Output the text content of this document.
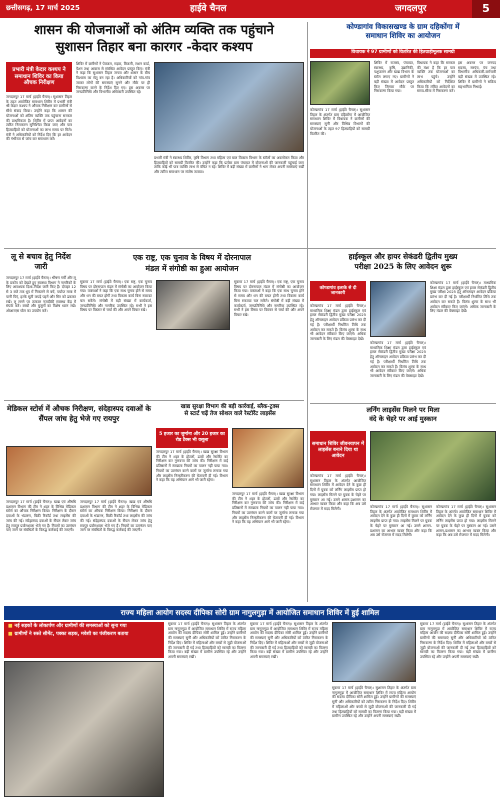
छत्तीसगढ़, 17 मार्च 2025	हाईवे चैनल	जगदलपुर	5
शासन की योजनाओं को अंतिम व्यक्ति तक पहुंचाने
सुशासन तिहार बना कारगर -केदार कश्यप
प्रभारी मंत्री केदार कश्यप ने समाधान शिविर का किया औचक निरीक्षण
जगदलपुर 17 मार्च (हाईवे चैनल)। सुशासन तिहार के तहत आयोजित समाधान शिविर में प्रभारी मंत्री श्री केदार कश्यप ने औचक निरीक्षण कर ग्रामीणों से सीधे संवाद किया। उन्होंने कहा कि शासन की योजनाओं को अंतिम व्यक्ति तक पहुंचाना सरकार की प्राथमिकता है। शिविर में प्राप्त आवेदनों का त्वरित निराकरण सुनिश्चित किया जाए और पात्र हितग्राहियों को योजनाओं का लाभ समय पर मिले। मंत्री ने अधिकारियों को निर्देश दिए कि हर आवेदन की गंभीरता से जांच कर समाधान करें।
शिविर में ग्रामीणों ने पेयजल, सड़क, बिजली, राशन कार्ड, पेंशन तथा आवास से संबंधित आवेदन प्रस्तुत किए। मंत्री ने कहा कि सुशासन तिहार जनता और शासन के बीच विश्वास का सेतु बन रहा है। अधिकारियों को गांव-गांव जाकर लोगों की समस्याएं सुनने और मौके पर ही निराकरण करने के निर्देश दिए गए। इस अवसर पर जनप्रतिनिधि और विभागीय अधिकारी उपस्थित रहे।
प्रभारी मंत्री ने स्वास्थ्य शिविर, कृषि विभाग तथा महिला एवं बाल विकास विभाग के स्टॉलों का अवलोकन किया और हितग्राहियों को सामग्री वितरित की। उन्होंने कहा कि प्रत्येक ग्राम पंचायत में योजनाओं की जानकारी पहुंचाई जाए ताकि कोई भी पात्र व्यक्ति लाभ से वंचित न रहे। शिविर में बड़ी संख्या में ग्रामीणों ने भाग लेकर अपनी समस्याएं रखीं और त्वरित समाधान पर संतोष जताया।
कोण्डागांव विकासखण्ड के ग्राम दहिकोंगा में
समाधान शिविर का आयोजन
विधायक ने 97 ग्रामीणों को वितरित की हितग्राहीमूलक सामग्री
कोण्डागांव 17 मार्च (हाईवे चैनल)। सुशासन तिहार के अंतर्गत ग्राम दहिकोंगा में आयोजित समाधान शिविर में विधायक ने ग्रामीणों की समस्याएं सुनीं और विभिन्न विभागों की योजनाओं के तहत 97 हितग्राहियों को सामग्री वितरित की।
शिविर में राजस्व, पंचायत, स्वास्थ्य, कृषि, उद्यानिकी, पशुपालन और खाद्य विभाग के स्टॉल लगाए गए। ग्रामीणों ने बड़ी संख्या में आवेदन प्रस्तुत किए जिनका मौके पर निराकरण किया गया।
विधायक ने कहा कि सरकार की मंशा है कि हर पात्र व्यक्ति तक योजनाओं का लाभ पहुंचे। उन्होंने अधिकारियों को निर्देशित किया कि लंबित आवेदनों का समय-सीमा में निराकरण करें।
इस अवसर पर जनपद सदस्य, सरपंच, पंच तथा विभागीय अधिकारी-कर्मचारी बड़ी संख्या में उपस्थित रहे। शिविर में ग्रामीणों ने सक्रिय सहभागिता निभाई।
लू से बचाव हेतु निर्देश जारी
जगदलपुर 17 मार्च (हाईवे चैनल)। भीषण गर्मी और लू के प्रकोप को देखते हुए स्वास्थ्य विभाग ने नागरिकों के लिए आवश्यक दिशा-निर्देश जारी किए हैं। दोपहर 12 से 3 बजे तक धूप में निकलने से बचें, पर्याप्त मात्रा में पानी पिएं, हल्के सूती कपड़े पहनें और सिर को ढककर रखें। लू लगने पर तत्काल नजदीकी स्वास्थ्य केंद्र में संपर्क करें। बच्चों और बुजुर्गों का विशेष ध्यान रखें। ओआरएस घोल का उपयोग करें।
एक राष्ट्र, एक चुनाव के विषय में दोरनापाल
मंडल में संगोष्ठी का हुआ आयोजन
सुकमा 17 मार्च (हाईवे चैनल)। एक राष्ट्र, एक चुनाव विषय पर दोरनापाल मंडल में संगोष्ठी का आयोजन किया गया। वक्ताओं ने कहा कि एक साथ चुनाव होने से समय और धन की बचत होगी तथा विकास कार्य बिना रुकावट चल सकेंगे। संगोष्ठी में बड़ी संख्या में कार्यकर्ता, जनप्रतिनिधि और नागरिक उपस्थित रहे। सभी ने इस विषय पर विस्तार से चर्चा की और अपने विचार रखे।
सुकमा 17 मार्च (हाईवे चैनल)। एक राष्ट्र, एक चुनाव विषय पर दोरनापाल मंडल में संगोष्ठी का आयोजन किया गया। वक्ताओं ने कहा कि एक साथ चुनाव होने से समय और धन की बचत होगी तथा विकास कार्य बिना रुकावट चल सकेंगे। संगोष्ठी में बड़ी संख्या में कार्यकर्ता, जनप्रतिनिधि और नागरिक उपस्थित रहे। सभी ने इस विषय पर विस्तार से चर्चा की और अपने विचार रखे।
मेडिकल स्टोर्स में औचक निरीक्षण, संदेहास्पद दवाओं के सैंपल जांच हेतु भेजे गए रायपुर
जगदलपुर 17 मार्च (हाईवे चैनल)। खाद्य एवं औषधि प्रशासन विभाग की टीम ने शहर के विभिन्न मेडिकल स्टोर्स का औचक निरीक्षण किया। निरीक्षण के दौरान दवाओं के भंडारण, बिक्री रिकॉर्ड तथा लाइसेंस की जांच की गई। संदेहास्पद दवाओं के सैंपल लेकर जांच हेतु रायपुर प्रयोगशाला भेजे गए हैं। नियमों का उल्लंघन पाए जाने पर संबंधितों के विरुद्ध कार्रवाई की जाएगी।
जगदलपुर 17 मार्च (हाईवे चैनल)। खाद्य एवं औषधि प्रशासन विभाग की टीम ने शहर के विभिन्न मेडिकल स्टोर्स का औचक निरीक्षण किया। निरीक्षण के दौरान दवाओं के भंडारण, बिक्री रिकॉर्ड तथा लाइसेंस की जांच की गई। संदेहास्पद दवाओं के सैंपल लेकर जांच हेतु रायपुर प्रयोगशाला भेजे गए हैं। नियमों का उल्लंघन पाए जाने पर संबंधितों के विरुद्ध कार्रवाई की जाएगी।
खाद्य सुरक्षा विभाग की बड़ी कार्रवाई, ब्लैक-ट्रक्स
से स्टार्ट चढ़ें तेज सोशल वाले रेस्टोरेंट लाइसेंस
5 हजार का जुर्माना और 20 हजार का रोड टैक्स भी वसूला
जगदलपुर 17 मार्च (हाईवे चैनल)। खाद्य सुरक्षा विभाग की टीम ने शहर के होटलों, ढाबों और रेस्टोरेंट का निरीक्षण कर गुणवत्ता की जांच की। निरीक्षण में कई प्रतिष्ठानों में स्वच्छता नियमों का पालन नहीं पाया गया। नियमों का उल्लंघन करने वालों पर जुर्माना लगाया गया और लाइसेंस निरस्तीकरण की चेतावनी दी गई। विभाग ने कहा कि यह अभियान आगे भी जारी रहेगा।
जगदलपुर 17 मार्च (हाईवे चैनल)। खाद्य सुरक्षा विभाग की टीम ने शहर के होटलों, ढाबों और रेस्टोरेंट का निरीक्षण कर गुणवत्ता की जांच की। निरीक्षण में कई प्रतिष्ठानों में स्वच्छता नियमों का पालन नहीं पाया गया। नियमों का उल्लंघन करने वालों पर जुर्माना लगाया गया और लाइसेंस निरस्तीकरण की चेतावनी दी गई। विभाग ने कहा कि यह अभियान आगे भी जारी रहेगा।
हाईस्कूल और हायर सेकंडरी द्वितीय मुख्य
परीक्षा 2025 के लिए आवेदन शुरू
कोण्डागांव इलाके से दी जानकारी
कोण्डागांव 17 मार्च (हाईवे चैनल)। माध्यमिक शिक्षा मंडल द्वारा हाईस्कूल एवं हायर सेकंडरी द्वितीय मुख्य परीक्षा 2025 हेतु ऑनलाइन आवेदन प्रक्रिया प्रारंभ कर दी गई है। परीक्षार्थी निर्धारित तिथि तक आवेदन कर सकते हैं। विलंब शुल्क के साथ भी आवेदन स्वीकार किए जाएंगे। अधिक जानकारी के लिए मंडल की वेबसाइट देखें।
कोण्डागांव 17 मार्च (हाईवे चैनल)। माध्यमिक शिक्षा मंडल द्वारा हाईस्कूल एवं हायर सेकंडरी द्वितीय मुख्य परीक्षा 2025 हेतु ऑनलाइन आवेदन प्रक्रिया प्रारंभ कर दी गई है। परीक्षार्थी निर्धारित तिथि तक आवेदन कर सकते हैं। विलंब शुल्क के साथ भी आवेदन स्वीकार किए जाएंगे। अधिक जानकारी के लिए मंडल की वेबसाइट देखें।
कोण्डागांव 17 मार्च (हाईवे चैनल)। माध्यमिक शिक्षा मंडल द्वारा हाईस्कूल एवं हायर सेकंडरी द्वितीय मुख्य परीक्षा 2025 हेतु ऑनलाइन आवेदन प्रक्रिया प्रारंभ कर दी गई है। परीक्षार्थी निर्धारित तिथि तक आवेदन कर सकते हैं। विलंब शुल्क के साथ भी आवेदन स्वीकार किए जाएंगे। अधिक जानकारी के लिए मंडल की वेबसाइट देखें।
लर्निंग लाइसेंस मिलने पर मिला
वंदे के चेहरे पर आई मुस्कान
समाधान शिविर जीवनयापन में लाइसेंस बनाने दिया था आवेदन
कोण्डागांव 17 मार्च (हाईवे चैनल)। सुशासन तिहार के अंतर्गत आयोजित समाधान शिविर में आवेदन देने के कुछ ही दिनों में युवक को लर्निंग लाइसेंस प्राप्त हो गया। लाइसेंस मिलने पर युवक के चेहरे पर मुस्कान आ गई। उसने शासन-प्रशासन का आभार व्यक्त किया और कहा कि अब उसे रोजगार में मदद मिलेगी।	कोण्डागांव 17 मार्च (हाईवे चैनल)। सुशासन तिहार के अंतर्गत आयोजित समाधान शिविर में आवेदन देने के कुछ ही दिनों में युवक को लर्निंग लाइसेंस प्राप्त हो गया। लाइसेंस मिलने पर युवक के चेहरे पर मुस्कान आ गई। उसने शासन-प्रशासन का आभार व्यक्त किया और कहा कि अब उसे रोजगार में मदद मिलेगी।
कोण्डागांव 17 मार्च (हाईवे चैनल)। सुशासन तिहार के अंतर्गत आयोजित समाधान शिविर में आवेदन देने के कुछ ही दिनों में युवक को लर्निंग लाइसेंस प्राप्त हो गया। लाइसेंस मिलने पर युवक के चेहरे पर मुस्कान आ गई। उसने शासन-प्रशासन का आभार व्यक्त किया और कहा कि अब उसे रोजगार में मदद मिलेगी।
राज्य महिला आयोग सदस्य दीपिका सोरी ग्राम नागुलगुड़ा में आयोजित समाधान शिविर में हुई शामिल
■ नई सड़कों के लोकार्पण और ग्रामीणों की समस्याओं को सुना गया
■ ग्रामीणों ने सस्ते सीमेंट, पक्का सड़क, मवेशी का पंजीकरण बताया
सुकमा 17 मार्च (हाईवे चैनल)। सुशासन तिहार के अंतर्गत ग्राम नागुलगुड़ा में आयोजित समाधान शिविर में राज्य महिला आयोग की सदस्य दीपिका सोरी शामिल हुईं। उन्होंने ग्रामीणों की समस्याएं सुनीं और अधिकारियों को त्वरित निराकरण के निर्देश दिए। शिविर में महिलाओं और बच्चों से जुड़ी योजनाओं की जानकारी दी गई तथा हितग्राहियों को सामग्री का वितरण किया गया। बड़ी संख्या में ग्रामीण उपस्थित रहे और उन्होंने अपनी समस्याएं रखीं।
सुकमा 17 मार्च (हाईवे चैनल)। सुशासन तिहार के अंतर्गत ग्राम नागुलगुड़ा में आयोजित समाधान शिविर में राज्य महिला आयोग की सदस्य दीपिका सोरी शामिल हुईं। उन्होंने ग्रामीणों की समस्याएं सुनीं और अधिकारियों को त्वरित निराकरण के निर्देश दिए। शिविर में महिलाओं और बच्चों से जुड़ी योजनाओं की जानकारी दी गई तथा हितग्राहियों को सामग्री का वितरण किया गया। बड़ी संख्या में ग्रामीण उपस्थित रहे और उन्होंने अपनी समस्याएं रखीं।
सुकमा 17 मार्च (हाईवे चैनल)। सुशासन तिहार के अंतर्गत ग्राम नागुलगुड़ा में आयोजित समाधान शिविर में राज्य महिला आयोग की सदस्य दीपिका सोरी शामिल हुईं। उन्होंने ग्रामीणों की समस्याएं सुनीं और अधिकारियों को त्वरित निराकरण के निर्देश दिए। शिविर में महिलाओं और बच्चों से जुड़ी योजनाओं की जानकारी दी गई तथा हितग्राहियों को सामग्री का वितरण किया गया। बड़ी संख्या में ग्रामीण उपस्थित रहे और उन्होंने अपनी समस्याएं रखीं।
सुकमा 17 मार्च (हाईवे चैनल)। सुशासन तिहार के अंतर्गत ग्राम नागुलगुड़ा में आयोजित समाधान शिविर में राज्य महिला आयोग की सदस्य दीपिका सोरी शामिल हुईं। उन्होंने ग्रामीणों की समस्याएं सुनीं और अधिकारियों को त्वरित निराकरण के निर्देश दिए। शिविर में महिलाओं और बच्चों से जुड़ी योजनाओं की जानकारी दी गई तथा हितग्राहियों को सामग्री का वितरण किया गया। बड़ी संख्या में ग्रामीण उपस्थित रहे और उन्होंने अपनी समस्याएं रखीं।
